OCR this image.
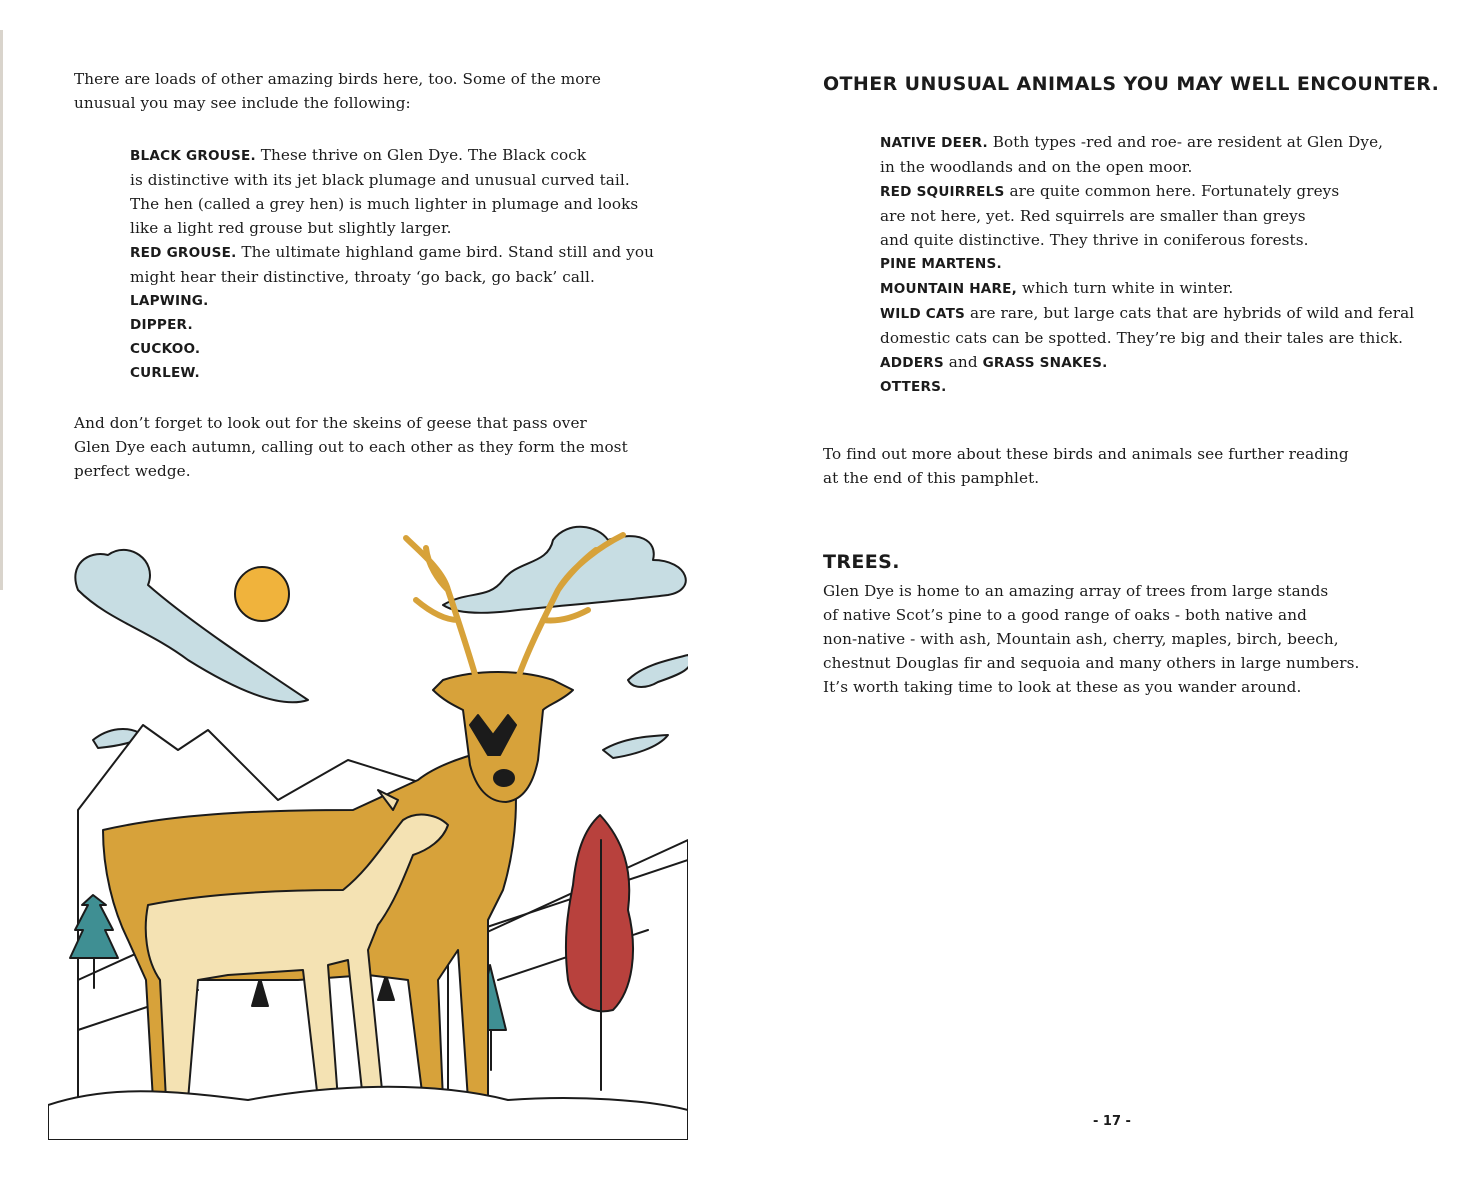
There are loads of other amazing birds here, too. Some of the more
unusual you may see include the following:
BLACK GROUSE. These thrive on Glen Dye. The Black cock
is distinctive with its jet black plumage and unusual curved tail.
The hen (called a grey hen) is much lighter in plumage and looks
like a light red grouse but slightly larger.
RED GROUSE. The ultimate highland game bird. Stand still and you
might hear their distinctive, throaty ‘go back, go back’ call.
LAPWING.
DIPPER.
CUCKOO.
CURLEW.
And don’t forget to look out for the skeins of geese that pass over
Glen Dye each autumn, calling out to each other as they form the most
perfect wedge.
OTHER UNUSUAL ANIMALS YOU MAY WELL ENCOUNTER.
NATIVE DEER. Both types -red and roe- are resident at Glen Dye,
in the woodlands and on the open moor.
RED SQUIRRELS are quite common here. Fortunately greys
are not here, yet. Red squirrels are smaller than greys
and quite distinctive. They thrive in coniferous forests.
PINE MARTENS.
MOUNTAIN HARE, which turn white in winter.
WILD CATS are rare, but large cats that are hybrids of wild and feral
domestic cats can be spotted. They’re big and their tales are thick.
ADDERS and GRASS SNAKES.
OTTERS.
To find out more about these birds and animals see further reading
at the end of this pamphlet.
TREES.
Glen Dye is home to an amazing array of trees from large stands
of native Scot’s pine to a good range of oaks - both native and
non-native - with ash, Mountain ash, cherry, maples, birch, beech,
chestnut Douglas fir and sequoia and many others in large numbers.
It’s worth taking time to look at these as you wander around.
- 17 -
